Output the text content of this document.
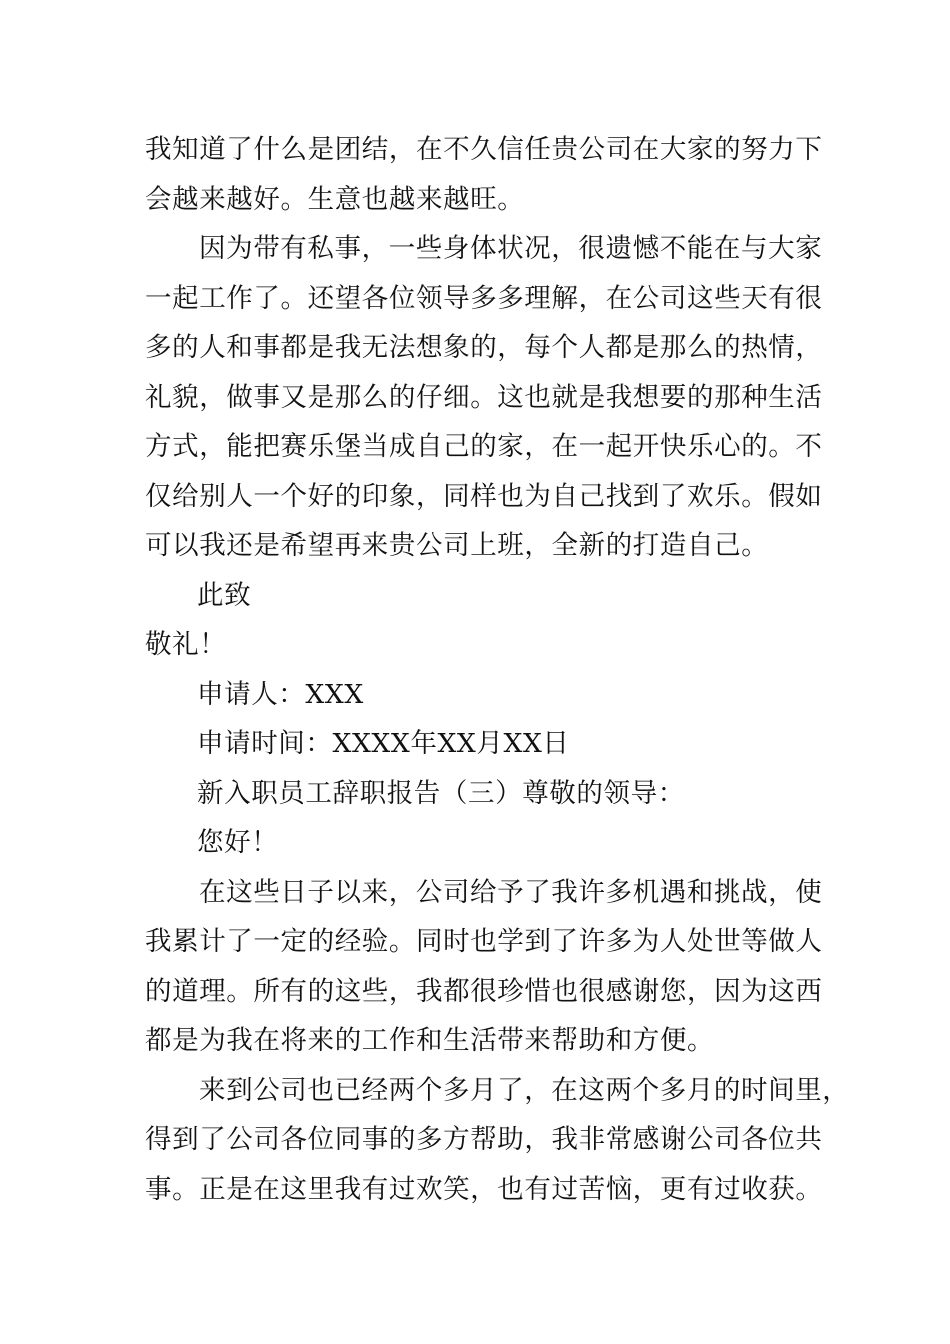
我知道了什么是团结，在不久信任贵公司在大家的努力下
会越来越好。生意也越来越旺。
因为带有私事，一些身体状况，很遗憾不能在与大家
一起工作了。还望各位领导多多理解，在公司这些天有很
多的人和事都是我无法想象的，每个人都是那么的热情，
礼貌，做事又是那么的仔细。这也就是我想要的那种生活
方式，能把赛乐堡当成自己的家，在一起开快乐心的。不
仅给别人一个好的印象，同样也为自己找到了欢乐。假如
可以我还是希望再来贵公司上班，全新的打造自己。
此致
敬礼！
申请人：XXX
申请时间：XXXX年XX月XX日
新入职员工辞职报告（三）尊敬的领导：
您好！
在这些日子以来，公司给予了我许多机遇和挑战，使
我累计了一定的经验。同时也学到了许多为人处世等做人
的道理。所有的这些，我都很珍惜也很感谢您，因为这西
都是为我在将来的工作和生活带来帮助和方便。
来到公司也已经两个多月了，在这两个多月的时间里，
得到了公司各位同事的多方帮助，我非常感谢公司各位共
事。正是在这里我有过欢笑，也有过苦恼，更有过收获。
